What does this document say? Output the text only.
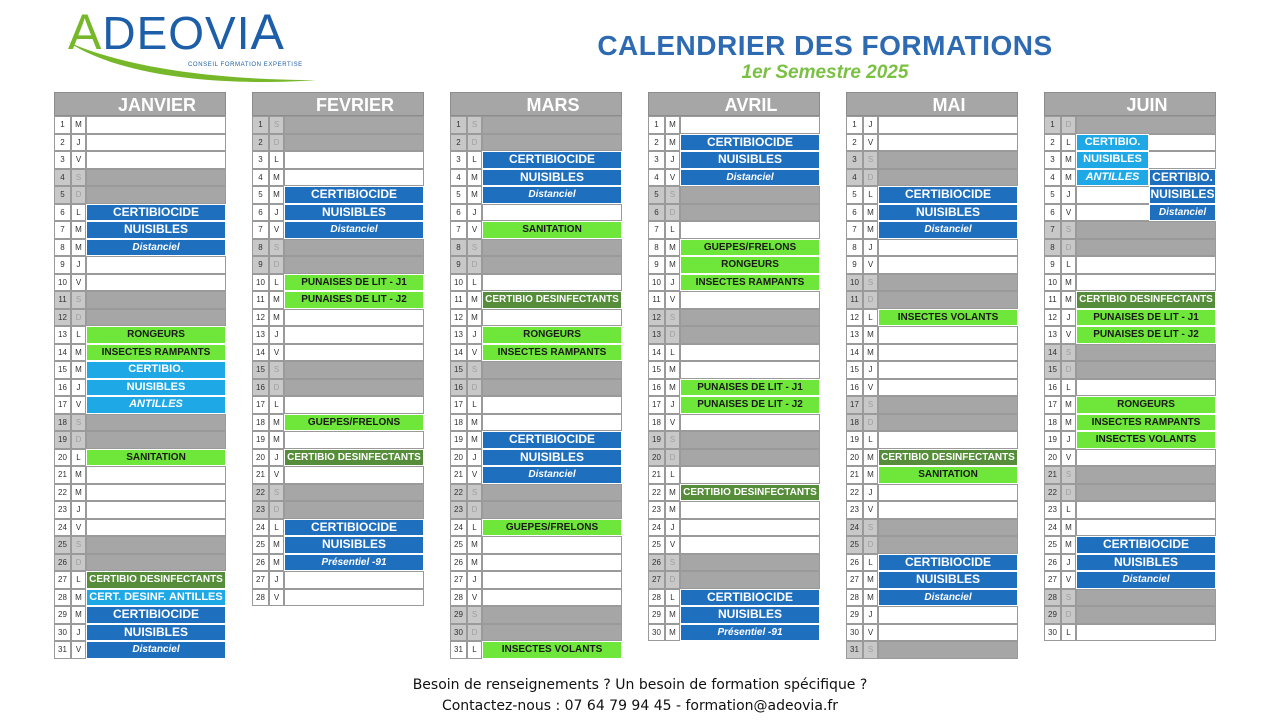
ADEOVIA
CONSEIL FORMATION EXPERTISE
CALENDRIER DES FORMATIONS
1er Semestre 2025
JANVIER
1	M
2	J
3	V
4	S
5	D
6	L	CERTIBIOCIDE
7	M	NUISIBLES
8	M	Distanciel
9	J
10	V
11	S
12	D
13	L	RONGEURS
14	M	INSECTES RAMPANTS
15	M	CERTIBIO.
16	J	NUISIBLES
17	V	ANTILLES
18	S
19	D
20	L	SANITATION
21	M
22	M
23	J
24	V
25	S
26	D
27	L CERTIBIO DESINFECTANTS
28	M CERT. DESINF. ANTILLES
29	M	CERTIBIOCIDE
30	J	NUISIBLES
31	V	Distanciel
FEVRIER
1	S
2	D
3	L
4	M
5	M	CERTIBIOCIDE
6	J	NUISIBLES
7	V	Distanciel
8	S
9	D
10	L	PUNAISES DE LIT - J1
11	M	PUNAISES DE LIT - J2
12	M
13	J
14	V
15	S
16	D
17	L
18	M	GUEPES/FRELONS
19	M
20	J CERTIBIO DESINFECTANTS
21	V
22	S
23	D
24	L	CERTIBIOCIDE
25	M	NUISIBLES
26	M	Présentiel -91
27	J
28	V
MARS
1	S
2	D
3	L	CERTIBIOCIDE
4	M	NUISIBLES
5	M	Distanciel
6	J
7	V	SANITATION
8	S
9	D
10	L
11	M CERTIBIO DESINFECTANTS
12	M
13	J	RONGEURS
14	V	INSECTES RAMPANTS
15	S
16	D
17	L
18	M
19	M	CERTIBIOCIDE
20	J	NUISIBLES
21	V	Distanciel
22	S
23	D
24	L	GUEPES/FRELONS
25	M
26	M
27	J
28	V
29	S
30	D
31	L	INSECTES VOLANTS
AVRIL
1	M
2	M	CERTIBIOCIDE
3	J	NUISIBLES
4	V	Distanciel
5	S
6	D
7	L
8	M	GUEPES/FRELONS
9	M	RONGEURS
10	J	INSECTES RAMPANTS
11	V
12	S
13	D
14	L
15	M
16	M	PUNAISES DE LIT - J1
17	J	PUNAISES DE LIT - J2
18	V
19	S
20	D
21	L
22	M CERTIBIO DESINFECTANTS
23	M
24	J
25	V
26	S
27	D
28	L	CERTIBIOCIDE
29	M	NUISIBLES
30	M	Présentiel -91
MAI
1	J
2	V
3	S
4	D
5	L	CERTIBIOCIDE
6	M	NUISIBLES
7	M	Distanciel
8	J
9	V
10	S
11	D
12	L	INSECTES VOLANTS
13	M
14	M
15	J
16	V
17	S
18	D
19	L
20	M CERTIBIO DESINFECTANTS
21	M	SANITATION
22	J
23	V
24	S
25	D
26	L	CERTIBIOCIDE
27	M	NUISIBLES
28	M	Distanciel
29	J
30	V
31	S
JUIN
1	D
2	L	CERTIBIO.
3	M	NUISIBLES
4	M	ANTILLES	CERTIBIO.
5	J	NUISIBLES
6	V	Distanciel
7	S
8	D
9	L
10	M
11	M CERTIBIO DESINFECTANTS
12	J	PUNAISES DE LIT - J1
13	V	PUNAISES DE LIT - J2
14	S
15	D
16	L
17	M	RONGEURS
18	M	INSECTES RAMPANTS
19	J	INSECTES VOLANTS
20	V
21	S
22	D
23	L
24	M
25	M	CERTIBIOCIDE
26	J	NUISIBLES
27	V	Distanciel
28	S
29	D
30	L
Besoin de renseignements ? Un besoin de formation spécifique ?
Contactez-nous : 07 64 79 94 45 - formation@adeovia.fr
